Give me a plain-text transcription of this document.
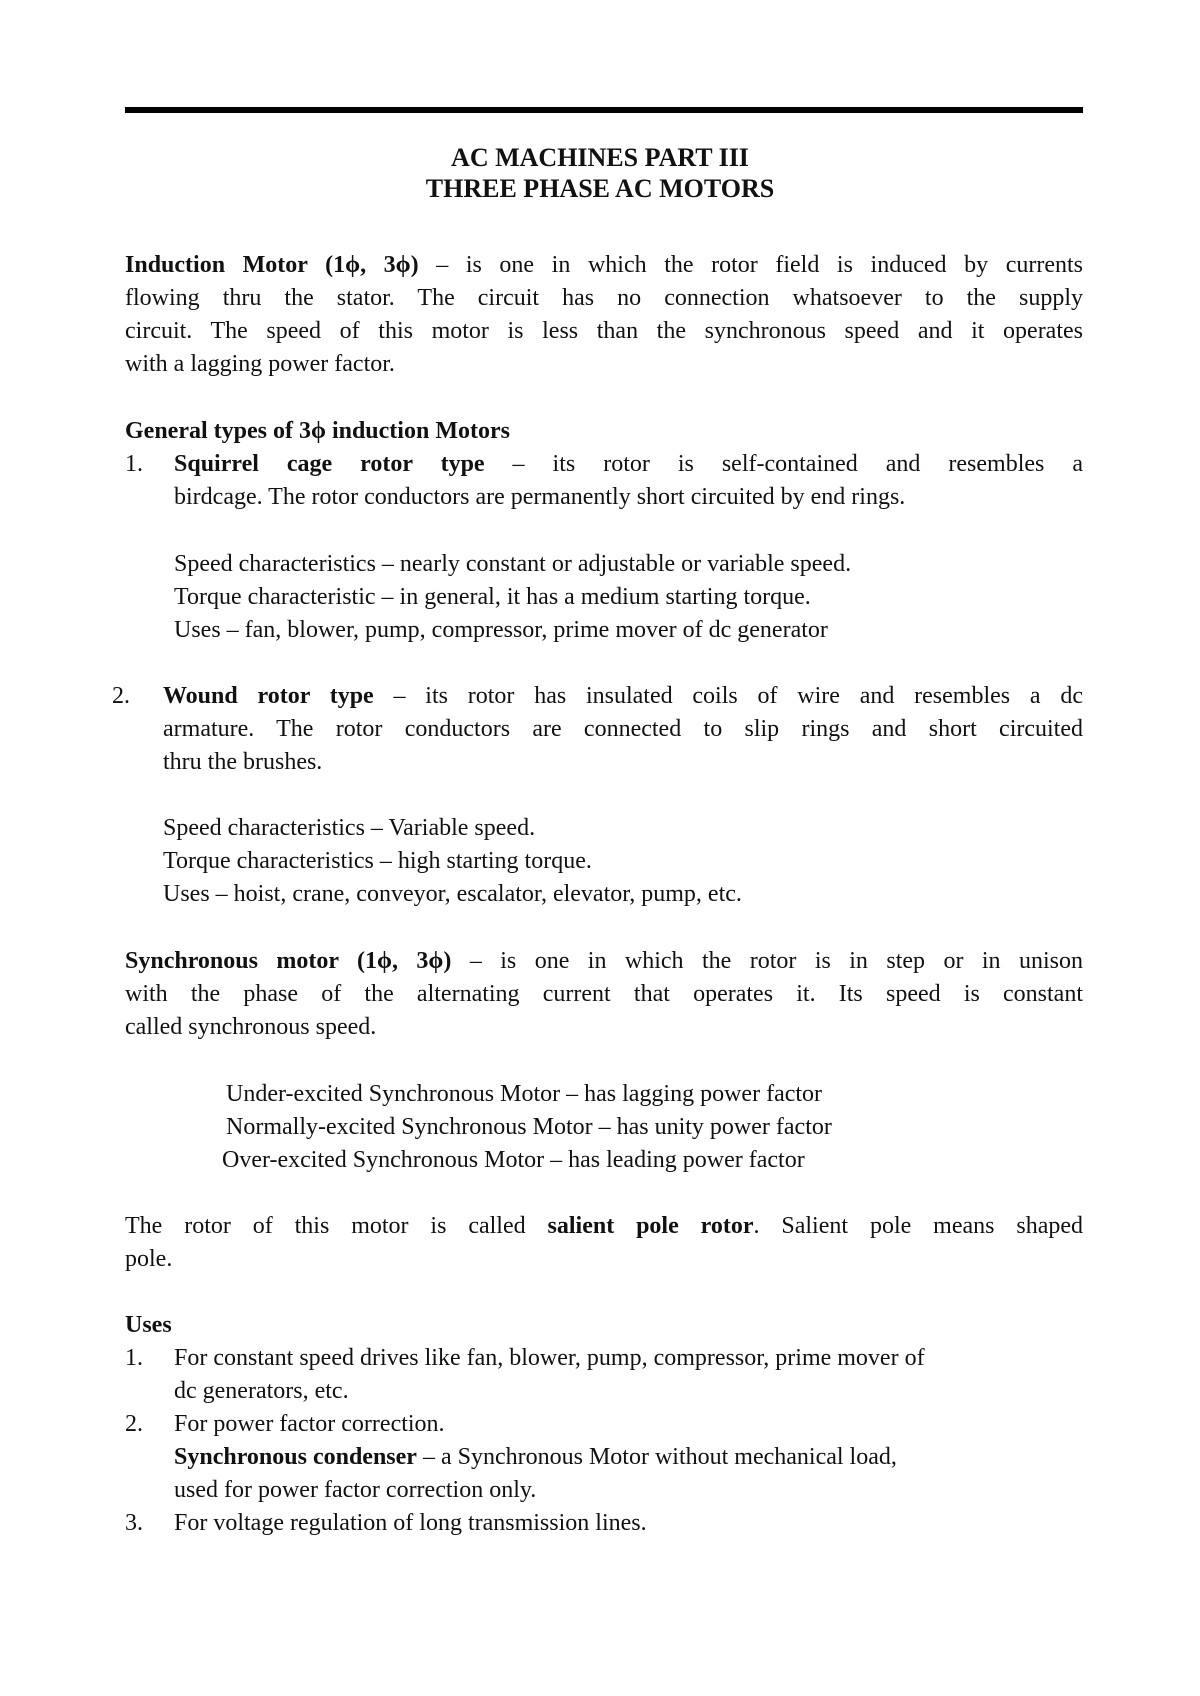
AC MACHINES PART III
THREE PHASE AC MOTORS
Induction Motor (1ϕ, 3ϕ) – is one in which the rotor field is induced by currents
flowing thru the stator. The circuit has no connection whatsoever to the supply
circuit. The speed of this motor is less than the synchronous speed and it operates
with a lagging power factor.
General types of 3ϕ induction Motors
1. Squirrel cage rotor type – its rotor is self-contained and resembles a
birdcage. The rotor conductors are permanently short circuited by end rings.
Speed characteristics – nearly constant or adjustable or variable speed.
Torque characteristic – in general, it has a medium starting torque.
Uses – fan, blower, pump, compressor, prime mover of dc generator
2. Wound rotor type – its rotor has insulated coils of wire and resembles a dc
armature. The rotor conductors are connected to slip rings and short circuited
thru the brushes.
Speed characteristics – Variable speed.
Torque characteristics – high starting torque.
Uses – hoist, crane, conveyor, escalator, elevator, pump, etc.
Synchronous motor (1ϕ, 3ϕ) – is one in which the rotor is in step or in unison
with the phase of the alternating current that operates it. Its speed is constant
called synchronous speed.
Under-excited Synchronous Motor – has lagging power factor
Normally-excited Synchronous Motor – has unity power factor
Over-excited Synchronous Motor – has leading power factor
The rotor of this motor is called salient pole rotor. Salient pole means shaped
pole.
Uses
1. For constant speed drives like fan, blower, pump, compressor, prime mover of
dc generators, etc.
2. For power factor correction.
Synchronous condenser – a Synchronous Motor without mechanical load,
used for power factor correction only.
3. For voltage regulation of long transmission lines.
